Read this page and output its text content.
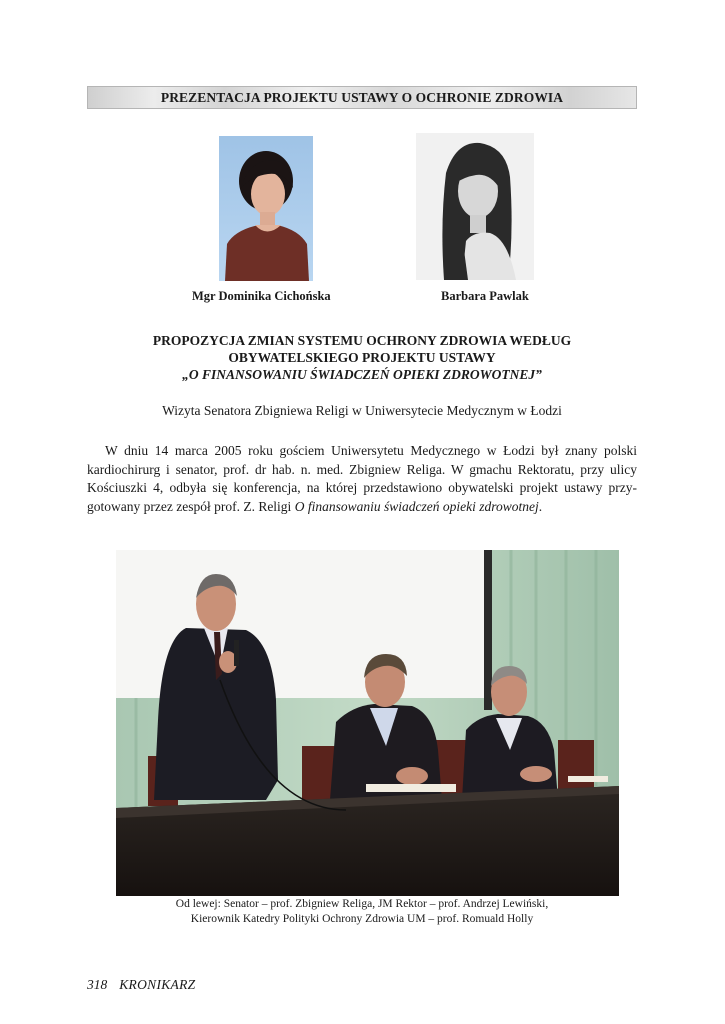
PREZENTACJA PROJEKTU USTAWY O OCHRONIE ZDROWIA
Mgr Dominika Cichońska	Barbara Pawlak
PROPOZYCJA ZMIAN SYSTEMU OCHRONY ZDROWIA WEDŁUG
OBYWATELSKIEGO PROJEKTU USTAWY
„O FINANSOWANIU ŚWIADCZEŃ OPIEKI ZDROWOTNEJ”
Wizyta Senatora Zbigniewa Religi w Uniwersytecie Medycznym w Łodzi
W dniu 14 marca 2005 roku gościem Uniwersytetu Medycznego w Łodzi był znany polski
kardiochirurg i senator, prof. dr hab. n. med. Zbigniew Religa. W gmachu Rektoratu, przy ulicy
Kościuszki 4, odbyła się konferencja, na której przedstawiono obywatelski projekt ustawy przy-
gotowany przez zespół prof. Z. Religi O finansowaniu świadczeń opieki zdrowotnej.
Od lewej: Senator – prof. Zbigniew Religa, JM Rektor – prof. Andrzej Lewiński,
Kierownik Katedry Polityki Ochrony Zdrowia UM – prof. Romuald Holly
318 KRONIKARZ
